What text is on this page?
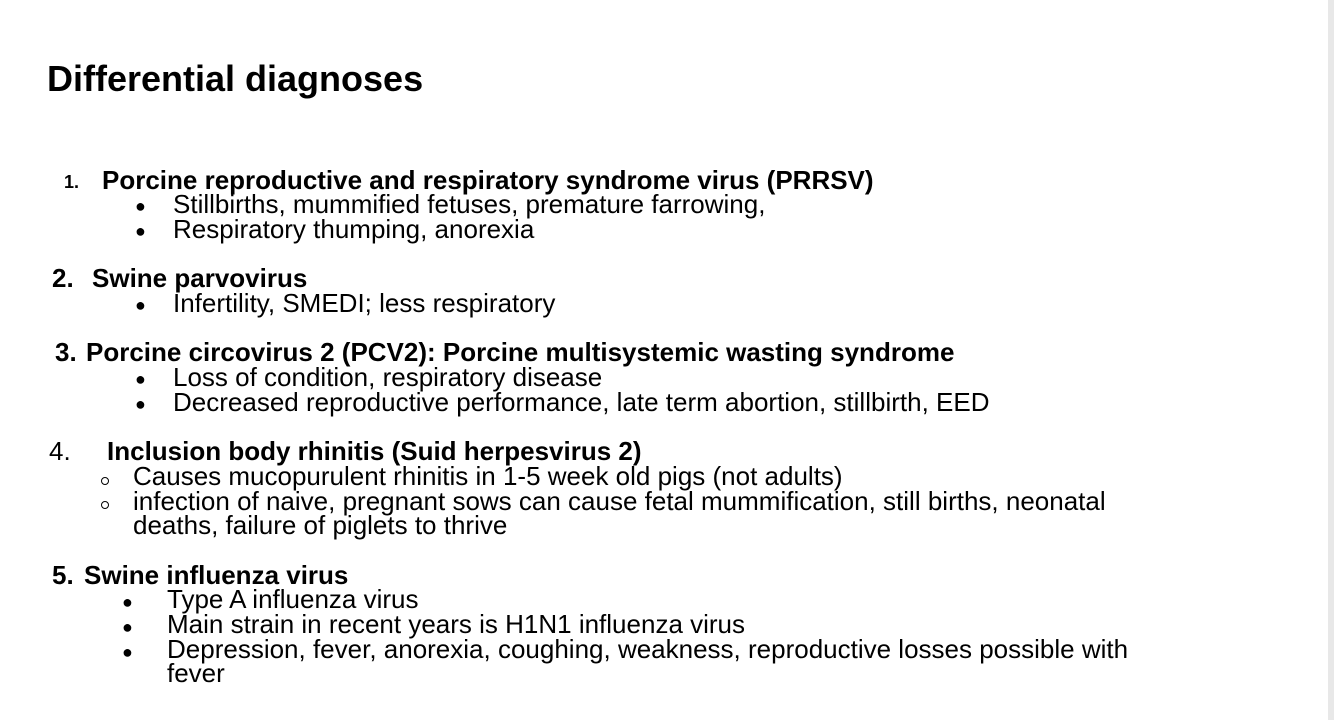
Differential diagnoses
1. Porcine reproductive and respiratory syndrome virus (PRRSV)
● Stillbirths, mummified fetuses, premature farrowing,
● Respiratory thumping, anorexia
2. Swine parvovirus
● Infertility, SMEDI; less respiratory
3. Porcine circovirus 2 (PCV2): Porcine multisystemic wasting syndrome
● Loss of condition, respiratory disease
● Decreased reproductive performance, late term abortion, stillbirth, EED
4. Inclusion body rhinitis (Suid herpesvirus 2)
Causes mucopurulent rhinitis in 1-5 week old pigs (not adults)
infection of naive, pregnant sows can cause fetal mummification, still births, neonatal
deaths, failure of piglets to thrive
5. Swine influenza virus
● Type A influenza virus
● Main strain in recent years is H1N1 influenza virus
● Depression, fever, anorexia, coughing, weakness, reproductive losses possible with
fever
